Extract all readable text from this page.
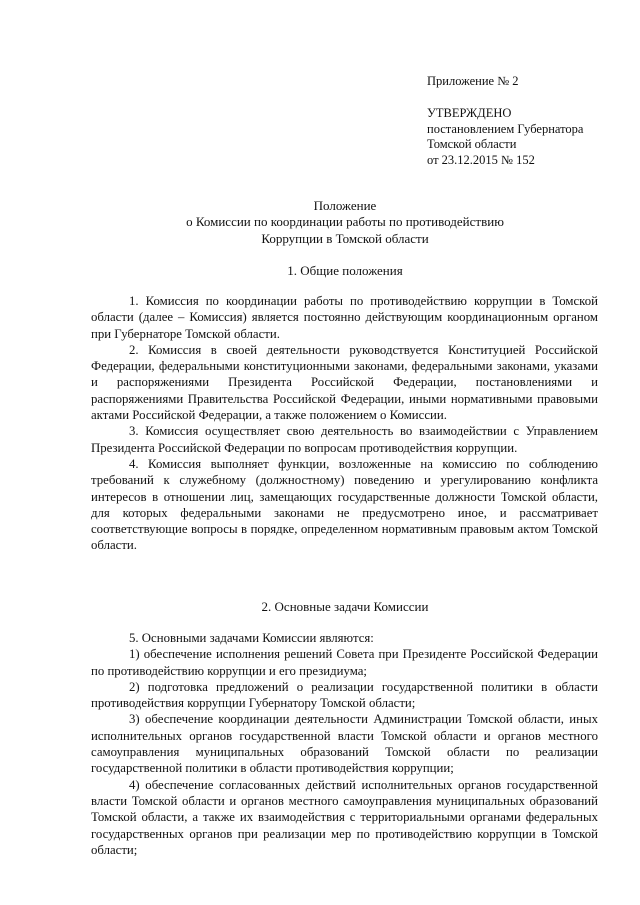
Приложение № 2
УТВЕРЖДЕНО
постановлением Губернатора
Томской области
от 23.12.2015 № 152
Положение
о Комиссии по координации работы по противодействию
Коррупции в Томской области
1. Общие положения

1. Комиссия по координации работы по противодействию коррупции в Томской области (далее – Комиссия) является постоянно действующим координационным органом при Губернаторе Томской области.

2. Комиссия в своей деятельности руководствуется Конституцией Российской Федерации, федеральными конституционными законами, федеральными законами, указами и распоряжениями Президента Российской Федерации, постановлениями и распоряжениями Правительства Российской Федерации, иными нормативными правовыми актами Российской Федерации, а также положением о Комиссии.

3. Комиссия осуществляет свою деятельность во взаимодействии с Управлением Президента Российской Федерации по вопросам противодействия коррупции.

4. Комиссия выполняет функции, возложенные на комиссию по соблюдению требований к служебному (должностному) поведению и урегулированию конфликта интересов в отношении лиц, замещающих государственные должности Томской области, для которых федеральными законами не предусмотрено иное, и рассматривает соответствующие вопросы в порядке, определенном нормативным правовым актом Томской области.

2. Основные задачи Комиссии

5. Основными задачами Комиссии являются:

1) обеспечение исполнения решений Совета при Президенте Российской Федерации по противодействию коррупции и его президиума;

2) подготовка предложений о реализации государственной политики в области противодействия коррупции Губернатору Томской области;

3) обеспечение координации деятельности Администрации Томской области, иных исполнительных органов государственной власти Томской области и органов местного самоуправления муниципальных образований Томской области по реализации государственной политики в области противодействия коррупции;

4) обеспечение согласованных действий исполнительных органов государственной власти Томской области и органов местного самоуправления муниципальных образований Томской области, а также их взаимодействия с территориальными органами федеральных государственных органов при реализации мер по противодействию коррупции в Томской области;
